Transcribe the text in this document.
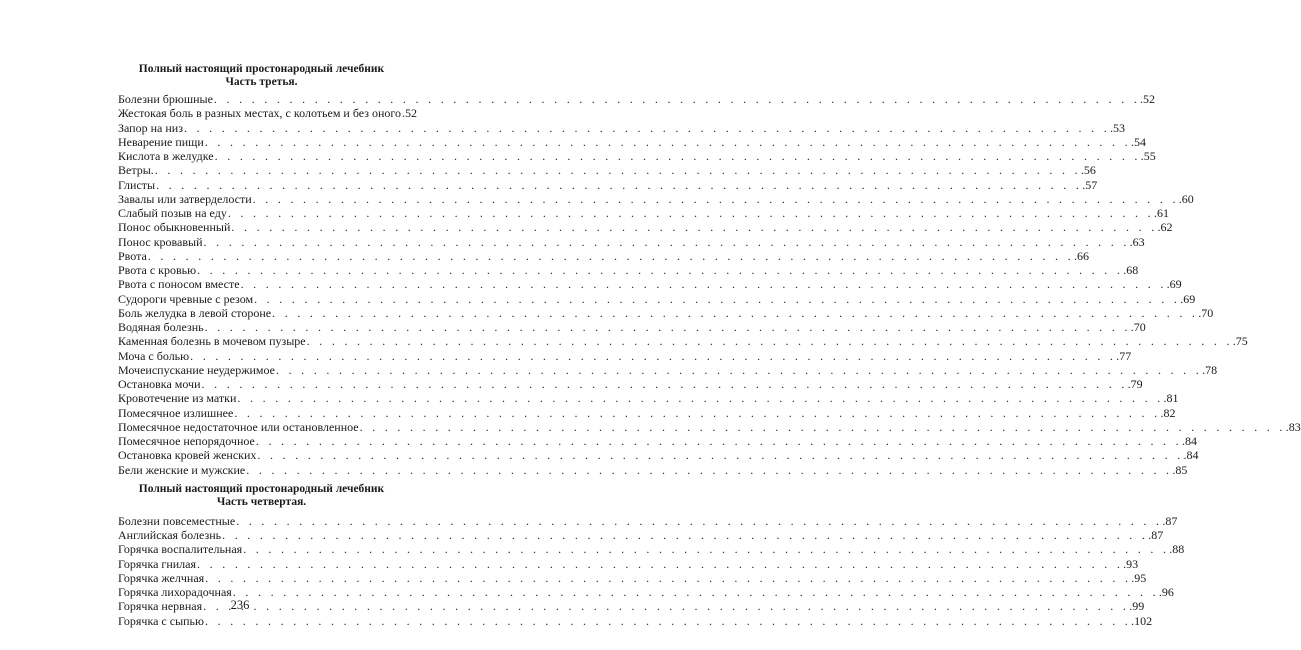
Полный настоящий простонародный лечебник

Часть третья.

Болезни брюшные . . .	.52
Жестокая боль в разных местах, с колотьем и без оного .52
Запор на низ . . .	.53
Неварение пищи . . .	.54
Кислота в желудке . . .	.55
Ветры. . . .	.56
Глисты . . .	.57
Завалы или затверделости . . .	.60
Слабый позыв на еду . . .	.61
Понос обыкновенный . . .	.62
Понос кровавый . . .	.63
Рвота . . .	.66
Рвота с кровью . . .	.68
Рвота с поносом вместе . . .	.69
Судороги чревные с резом . . .	.69
Боль желудка в левой стороне . . .	.70
Водяная болезнь . . .	.70
Каменная болезнь в мочевом пузыре . . .	.75
Моча с болью . . .	.77
Мочеиспускание неудержимое . . .	.78
Остановка мочи . . .	.79
Кровотечение из матки . . .	.81
Помесячное излишнее . . .	.82
Помесячное недостаточное или остановленное . . .	.83
Помесячное непорядочное . . .	.84
Остановка кровей женских . . .	.84
Бели женские и мужские . . .	.85

Полный настоящий простонародный лечебник

Часть четвертая.

Болезни повсеместные . . .	.87
Английская болезнь . . .	.87
Горячка воспалительная . . .	.88
Горячка гнилая . . .	.93
Горячка желчная . . .	.95
Горячка лихорадочная . . .	.96
Горячка нервная . . .	.99
Горячка с сыпью . . .	.102
236
